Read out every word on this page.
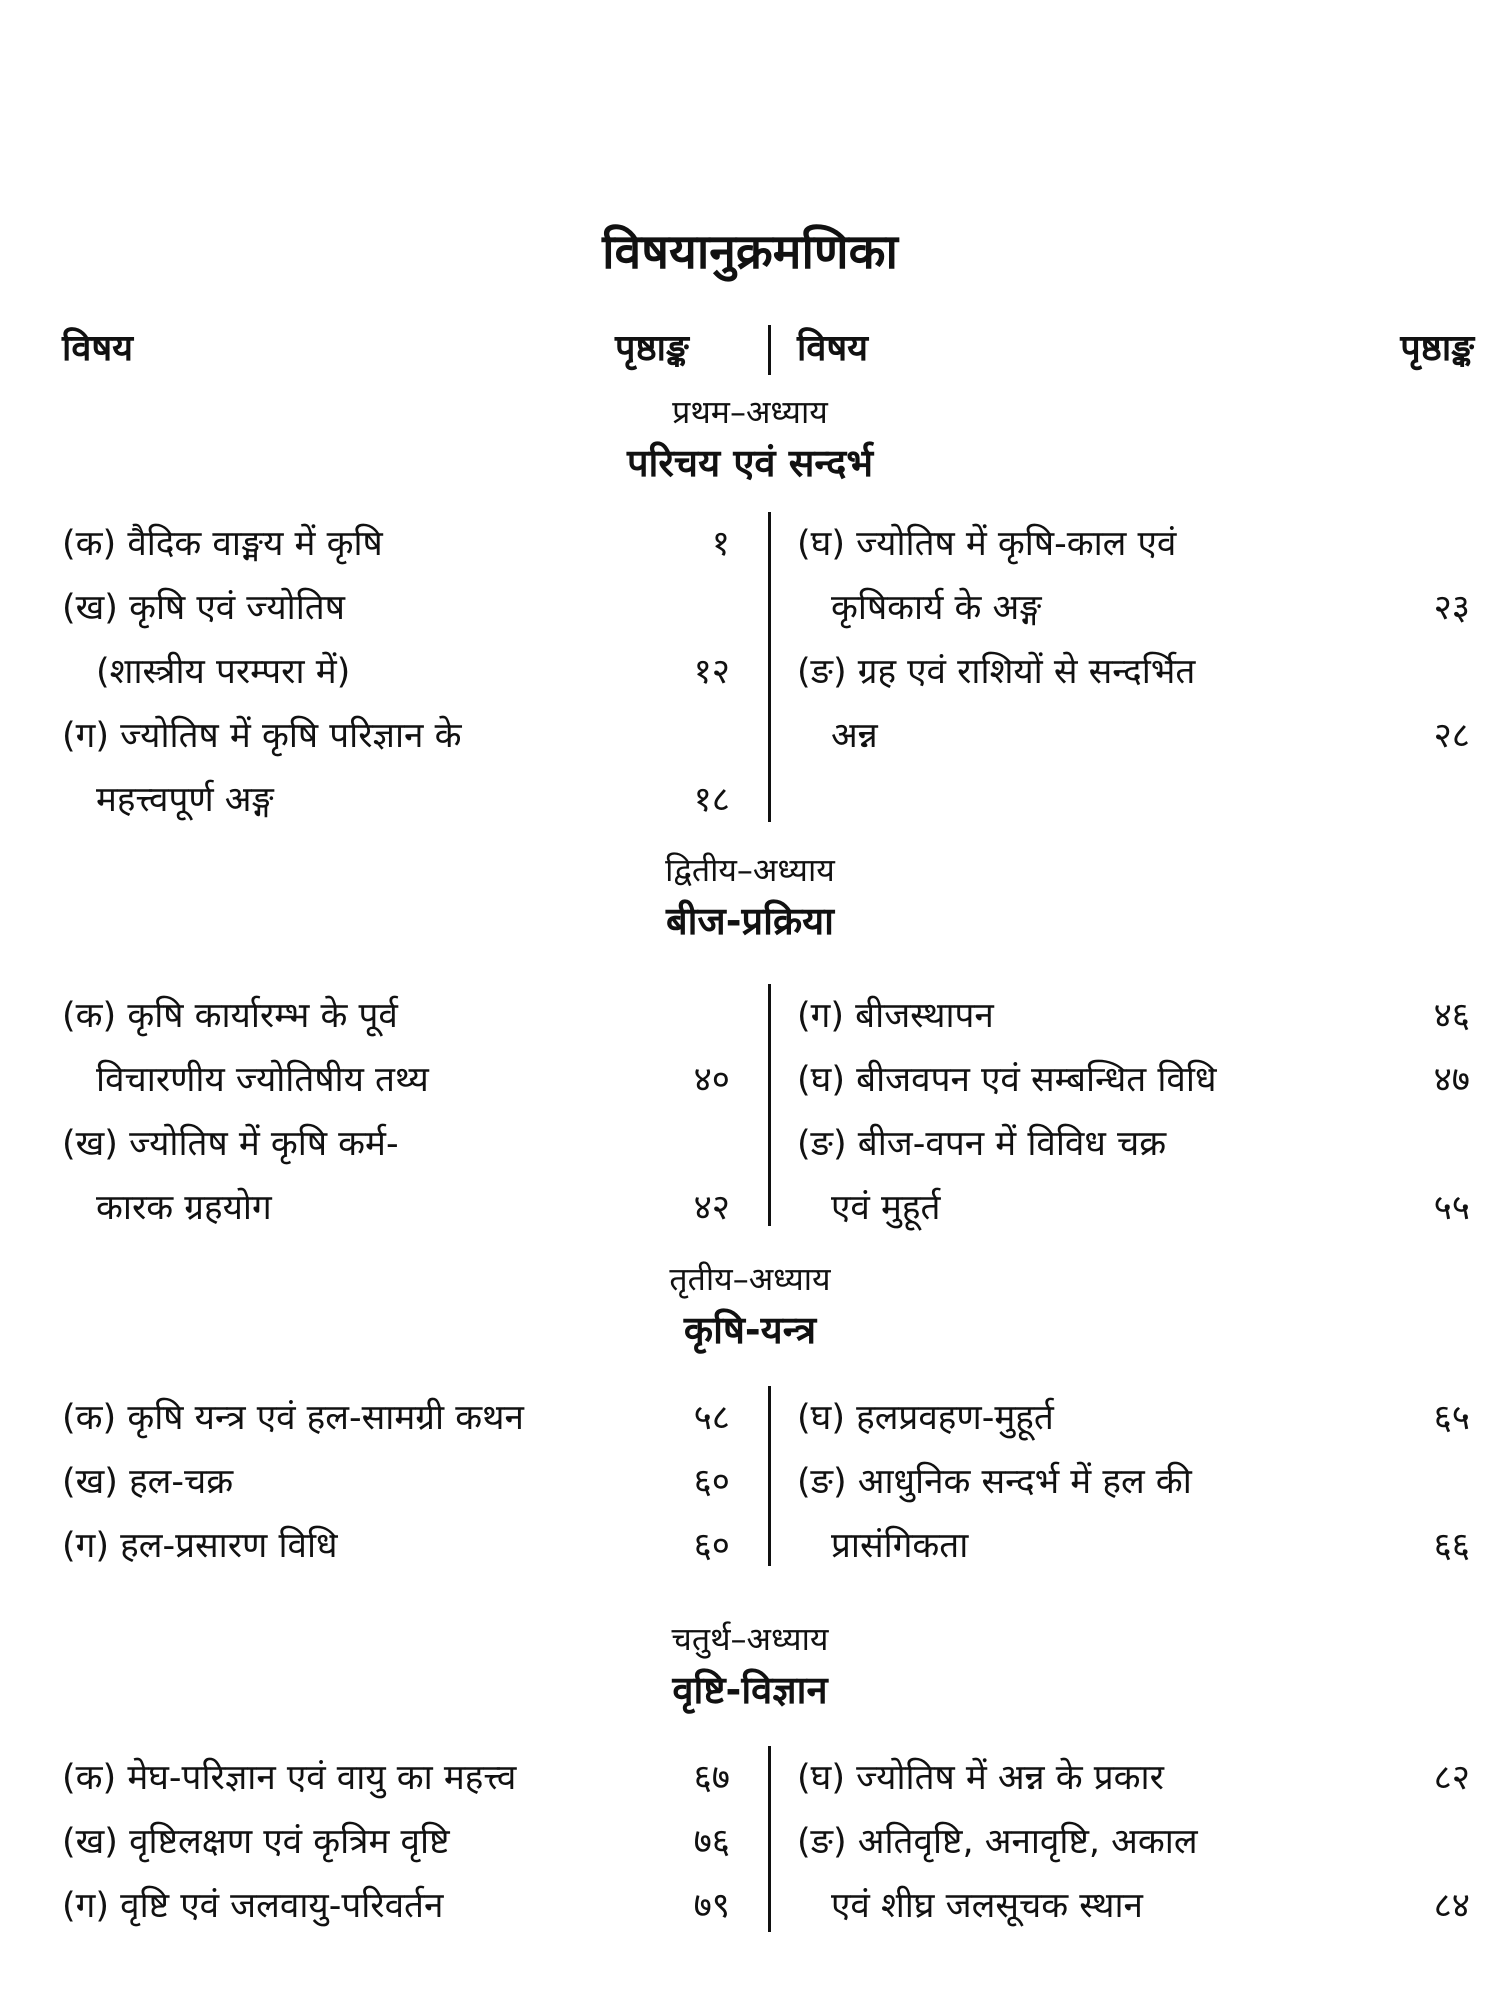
विषयानुक्रमणिका
विषय	पृष्ठाङ्क	विषय	पृष्ठाङ्क

प्रथम–अध्याय

परिचय एवं सन्दर्भ

(क) वैदिक वाङ्मय में कृषि	१
(ख) कृषि एवं ज्योतिष
(शास्त्रीय परम्परा में)	१२
(ग) ज्योतिष में कृषि परिज्ञान के
महत्त्वपूर्ण अङ्ग	१८
(घ) ज्योतिष में कृषि-काल एवं
कृषिकार्य के अङ्ग	२३
(ङ) ग्रह एवं राशियों से सन्दर्भित
अन्न	२८

द्वितीय–अध्याय

बीज-प्रक्रिया

(क) कृषि कार्यारम्भ के पूर्व
विचारणीय ज्योतिषीय तथ्य	४०
(ख) ज्योतिष में कृषि कर्म-
कारक ग्रहयोग	४२
(ग) बीजस्थापन	४६
(घ) बीजवपन एवं सम्बन्धित विधि	४७
(ङ) बीज-वपन में विविध चक्र
एवं मुहूर्त	५५

तृतीय–अध्याय

कृषि-यन्त्र

(क) कृषि यन्त्र एवं हल-सामग्री कथन	५८
(ख) हल-चक्र	६०
(ग) हल-प्रसारण विधि	६०
(घ) हलप्रवहण-मुहूर्त	६५
(ङ) आधुनिक सन्दर्भ में हल की
प्रासंगिकता	६६

चतुर्थ–अध्याय

वृष्टि-विज्ञान

(क) मेघ-परिज्ञान एवं वायु का महत्त्व	६७
(ख) वृष्टिलक्षण एवं कृत्रिम वृष्टि	७६
(ग) वृष्टि एवं जलवायु-परिवर्तन	७९
(घ) ज्योतिष में अन्न के प्रकार	८२
(ङ) अतिवृष्टि, अनावृष्टि, अकाल
एवं शीघ्र जलसूचक स्थान	८४
